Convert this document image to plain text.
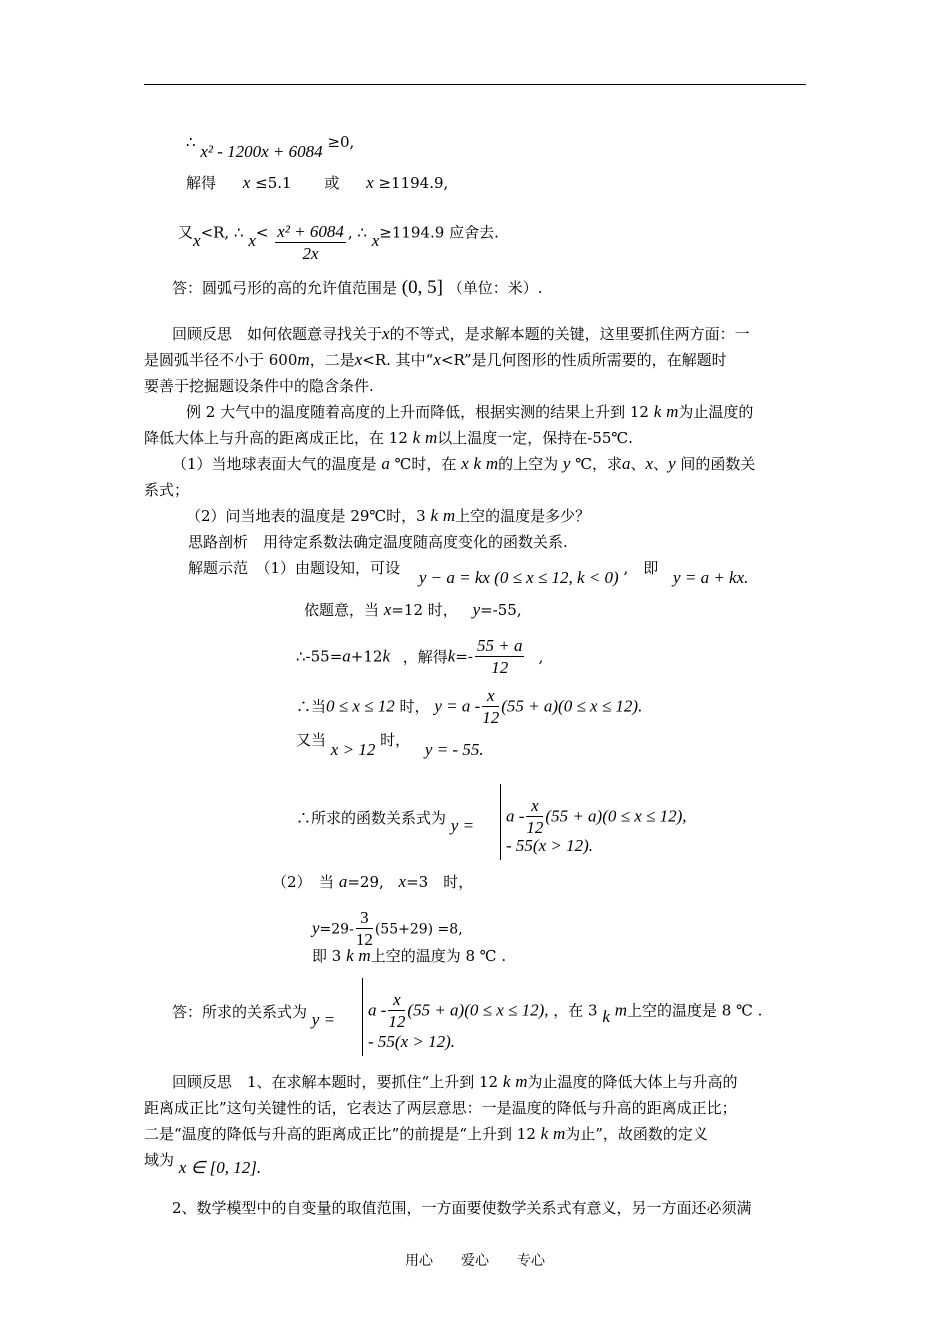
∴ x² - 1200x + 6084 ≥0,
解得 x ≤5.1 或 x ≥1194.9,
又x<R, ∴ $x< \frac{\text{x² + 6084}}{2x}$ , ∴ x≥1194.9 应舍去.
答：圆弧弓形的高的允许值范围是 (0, 5] （单位：米）.
回顾反思　如何依题意寻找关于x的不等式，是求解本题的关键，这里要抓住两方面：一
是圆弧半径不小于 600m，二是x<R. 其中“x<R”是几何图形的性质所需要的，在解题时
要善于挖掘题设条件中的隐含条件.
例 2 大气中的温度随着高度的上升而降低，根据实测的结果上升到 12 k m为止温度的
降低大体上与升高的距离成正比，在 12 k m以上温度一定，保持在-55℃.
（1）当地球表面大气的温度是 a ℃时，在 x k m的上空为 y ℃，求a、x、y 间的函数关
系式；
（2）问当地表的温度是 29℃时，3 k m上空的温度是多少？
思路剖析　用待定系数法确定温度随高度变化的函数关系.
解题示范　（1）由题设知，可设 y − a = kx (0 ≤ x ≤ 12, k < 0) ,　即 y = a + kx.
依题意，当 x=12 时， y=-55,
∴-55=a+12k ，解得$k=- \frac{55 + a}{12}$ ,
∴当0 ≤ x ≤ 12 时， $y = a - \frac{x}{12} (55 + a)(0 \le x \le 12)$.
又当 x > 12 时， y = - 55.
∴所求的函数关系式为 $y = a - \frac{x}{12} (55 + a)(0 \le x \le 12)$,
- 55(x > 12).
（2）　当 a=29, x=3　时，
$y=29- \frac{3}{12} (55+29) =8$,
即 3 k m上空的温度为 8 ℃ .
答：所求的关系式为 $y = a - \frac{x}{12} (55 + a)(0 \le x \le 12)$, ，在 3 k m上空的温度是 8 ℃ .
- 55(x > 12).
回顾反思　1、在求解本题时，要抓住“上升到 12 k m为止温度的降低大体上与升高的
距离成正比”这句关键性的话，它表达了两层意思：一是温度的降低与升高的距离成正比；
二是“温度的降低与升高的距离成正比”的前提是“上升到 12 k m为止”，故函数的定义
域为 x ∈ [0, 12].
2、数学模型中的自变量的取值范围，一方面要使数学关系式有意义，另一方面还必须满
用心　　爱心　　专心
